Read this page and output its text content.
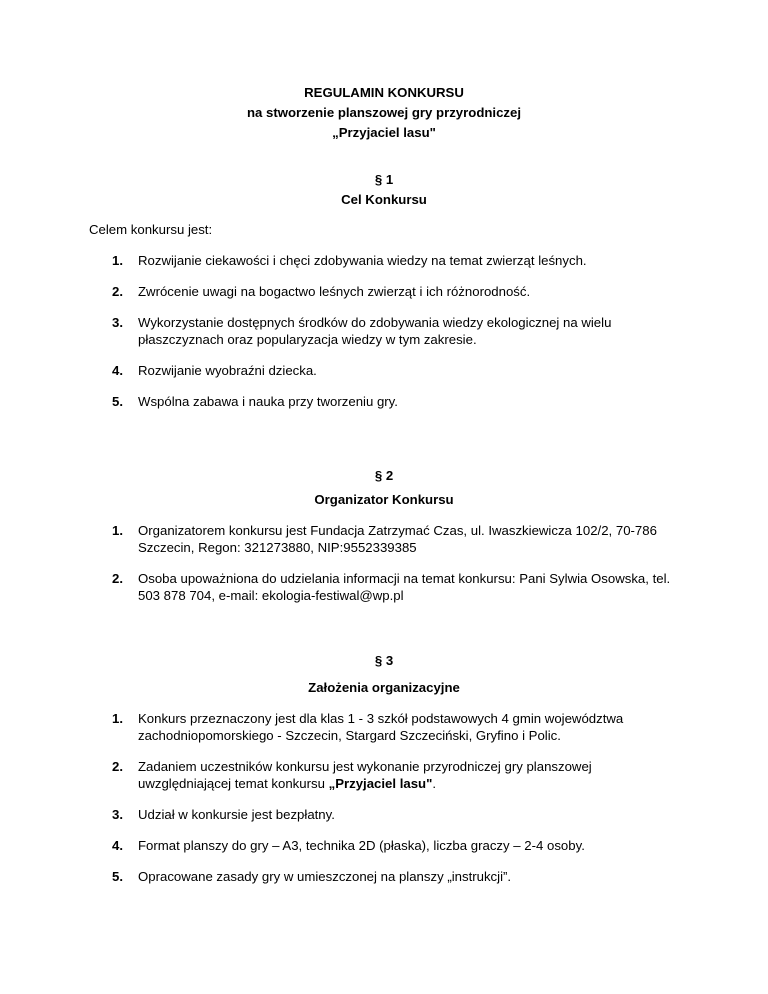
REGULAMIN KONKURSU
na stworzenie planszowej gry przyrodniczej
„Przyjaciel lasu"
§ 1
Cel Konkursu
Celem konkursu jest:
1. Rozwijanie ciekawości i chęci zdobywania wiedzy na temat zwierząt leśnych.
2. Zwrócenie uwagi na bogactwo leśnych zwierząt i ich różnorodność.
3. Wykorzystanie dostępnych środków do zdobywania wiedzy ekologicznej na wielu płaszczyznach oraz popularyzacja wiedzy w tym zakresie.
4. Rozwijanie wyobraźni dziecka.
5. Wspólna zabawa i nauka przy tworzeniu gry.
§ 2
Organizator Konkursu
1. Organizatorem konkursu jest Fundacja Zatrzymać Czas, ul. Iwaszkiewicza 102/2, 70-786 Szczecin, Regon: 321273880, NIP:9552339385
2. Osoba upoważniona do udzielania informacji na temat konkursu: Pani Sylwia Osowska, tel. 503 878 704, e-mail: ekologia-festiwal@wp.pl
§ 3
Założenia organizacyjne
1. Konkurs przeznaczony jest dla klas 1 - 3 szkół podstawowych 4 gmin województwa zachodniopomorskiego - Szczecin, Stargard Szczeciński, Gryfino i Polic.
2. Zadaniem uczestników konkursu jest wykonanie przyrodniczej gry planszowej uwzględniającej temat konkursu „Przyjaciel lasu".
3. Udział w konkursie jest bezpłatny.
4. Format planszy do gry – A3, technika 2D (płaska), liczba graczy – 2-4 osoby.
5. Opracowane zasady gry w umieszczonej na planszy „instrukcji”.
